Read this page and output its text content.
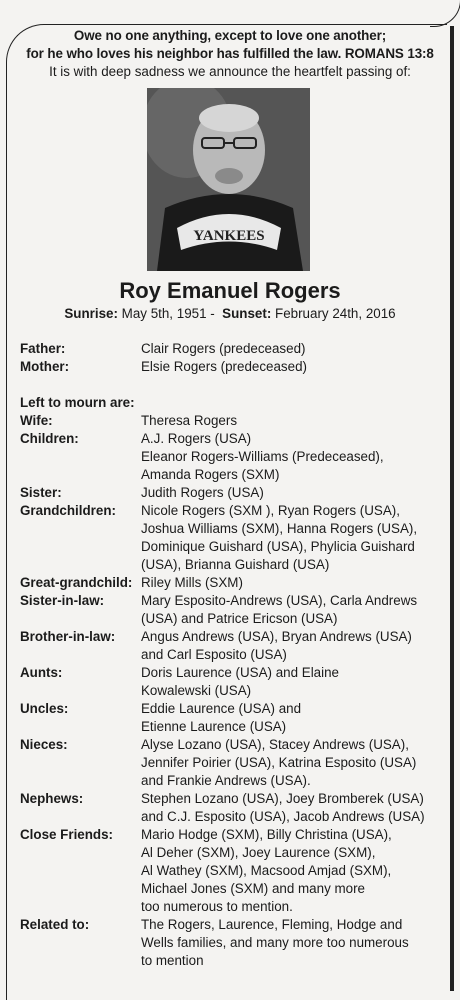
Owe no one anything, except to love one another;
for he who loves his neighbor has fulfilled the law. ROMANS 13:8
It is with deep sadness we announce the heartfelt passing of:
YANKEES
Roy Emanuel Rogers
Sunrise: May 5th, 1951 - Sunset: February 24th, 2016
Father:	Clair Rogers (predeceased)
Mother:	Elsie Rogers (predeceased)
Left to mourn are:
Wife:	Theresa Rogers
Children:	A.J. Rogers (USA)
Eleanor Rogers-Williams (Predeceased),
Amanda Rogers (SXM)
Sister:	Judith Rogers (USA)
Grandchildren:	Nicole Rogers (SXM ), Ryan Rogers (USA),
Joshua Williams (SXM), Hanna Rogers (USA),
Dominique Guishard (USA), Phylicia Guishard
(USA), Brianna Guishard (USA)
Great-grandchild: Riley Mills (SXM)
Sister-in-law:	Mary Esposito-Andrews (USA), Carla Andrews
(USA) and Patrice Ericson (USA)
Brother-in-law:	Angus Andrews (USA), Bryan Andrews (USA)
and Carl Esposito (USA)
Aunts:	Doris Laurence (USA) and Elaine
Kowalewski (USA)
Uncles:	Eddie Laurence (USA) and
Etienne Laurence (USA)
Nieces:	Alyse Lozano (USA), Stacey Andrews (USA),
Jennifer Poirier (USA), Katrina Esposito (USA)
and Frankie Andrews (USA).
Nephews:	Stephen Lozano (USA), Joey Bromberek (USA)
and C.J. Esposito (USA), Jacob Andrews (USA)
Close Friends:	Mario Hodge (SXM), Billy Christina (USA),
Al Deher (SXM), Joey Laurence (SXM),
Al Wathey (SXM), Macsood Amjad (SXM),
Michael Jones (SXM) and many more
too numerous to mention.
Related to:	The Rogers, Laurence, Fleming, Hodge and
Wells families, and many more too numerous
to mention
